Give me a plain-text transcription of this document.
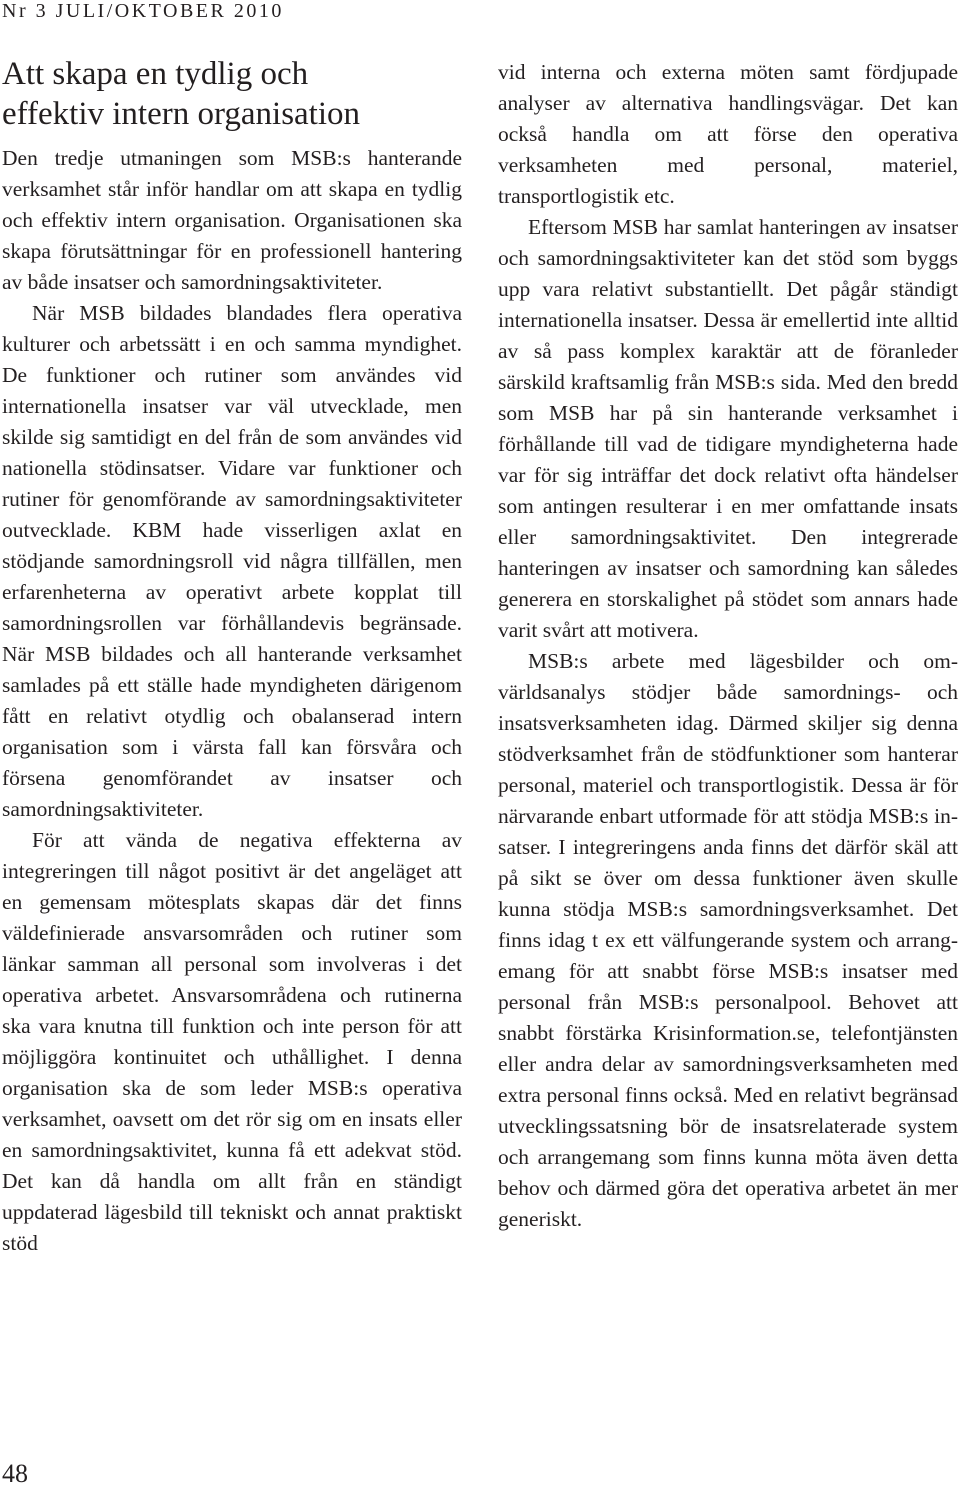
Nr 3 JULI/OKTOBER 2010
Att skapa en tydlig och
effektiv intern organisation

Den tredje utmaningen som MSB:s hanterande verksamhet står inför handlar om att skapa en tydlig och effektiv intern organisation. Organisationen ska skapa förutsättningar för en professionell hantering av både insatser och samordningsaktiviteter.

När MSB bildades blandades flera operativa kulturer och arbetssätt i en och samma myndighet. De funktioner och rutiner som användes vid internationella insatser var väl utvecklade, men skilde sig samtidigt en del från de som användes vid nationella stödinsatser. Vidare var funktioner och rutiner för genomförande av samordningsaktiviteter outvecklade. KBM hade visserligen axlat en stödjande samordningsroll vid några tillfällen, men erfarenheterna av operativt arbete kopplat till samordningsrollen var förhållandevis begränsade. När MSB bildades och all hanterande verksamhet samlades på ett ställe hade myndigheten därigenom fått en relativt otydlig och obalanserad intern organisation som i värsta fall kan försvåra och försena genomförandet av insatser och samordningsaktiviteter.

För att vända de negativa effekterna av integreringen till något positivt är det angeläget att en gemensam mötesplats skapas där det finns väldefinierade ansvarsområden och rutiner som länkar samman all personal som involveras i det operativa arbetet. Ansvarsområdena och rutinerna ska vara knutna till funktion och inte person för att möjliggöra kontinuitet och uthållighet. I denna organisation ska de som leder MSB:s operativa verksamhet, oavsett om det rör sig om en insats eller en samordningsaktivitet, kunna få ett adekvat stöd. Det kan då handla om allt från en ständigt uppdaterad lägesbild till tekniskt och annat praktiskt stöd

vid interna och externa möten samt fördjupade analyser av alternativa handlingsvägar. Det kan också handla om att förse den operativa verksamheten med personal, materiel, transportlogistik etc.

Eftersom MSB har samlat hanteringen av insatser och samordningsaktiviteter kan det stöd som byggs upp vara relativt substantiellt. Det pågår ständigt internationella insatser. Dessa är emellertid inte alltid av så pass komplex karaktär att de föranleder särskild kraftsamlig från MSB:s sida. Med den bredd som MSB har på sin hanterande verksamhet i förhållande till vad de tidigare myndigheterna hade var för sig inträffar det dock relativt ofta händelser som antingen resulterar i en mer omfattande insats eller samordningsaktivitet. Den integrerade hanteringen av insatser och samordning kan således generera en storskalighet på stödet som annars hade varit svårt att motivera.

MSB:s arbete med lägesbilder och omvärldsanalys stödjer både samordnings- och insatsverksamheten idag. Därmed skiljer sig denna stödverksamhet från de stödfunktioner som hanterar personal, materiel och transportlogistik. Dessa är för närvarande enbart utformade för att stödja MSB:s insatser. I integreringens anda finns det därför skäl att på sikt se över om dessa funktioner även skulle kunna stödja MSB:s samordningsverksamhet. Det finns idag t ex ett välfungerande system och arrangemang för att snabbt förse MSB:s insatser med personal från MSB:s personalpool. Behovet att snabbt förstärka Krisinformation.se, telefontjänsten eller andra delar av samordningsverksamheten med extra personal finns också. Med en relativt begränsad utvecklingssatsning bör de insatsrelaterade system och arrangemang som finns kunna möta även detta behov och därmed göra det operativa arbetet än mer generiskt.

48
